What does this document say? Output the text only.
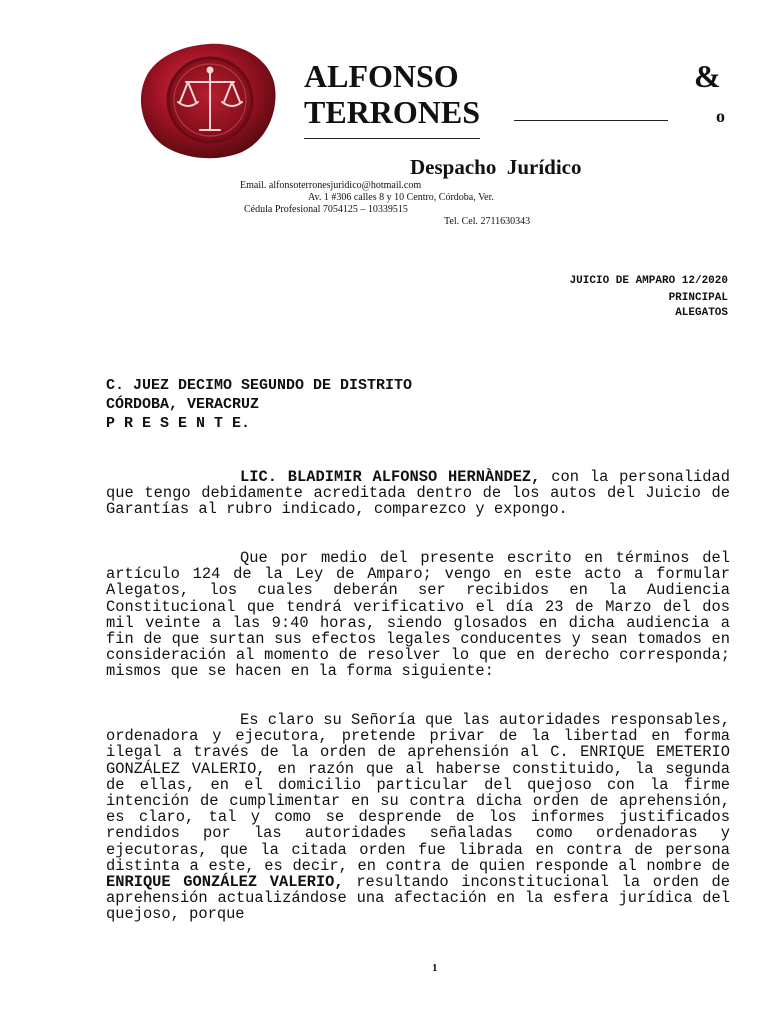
ALFONSO	&
TERRONES	o
Despacho  Jurídico
Email. alfonsoterronesjuridico@hotmail.com
Av. 1 #306 calles 8 y 10 Centro, Córdoba, Ver.
Cédula Profesional 7054125 – 10339515
Tel. Cel. 2711630343
JUICIO DE AMPARO 12/2020
PRINCIPAL
ALEGATOS
C. JUEZ DECIMO SEGUNDO DE DISTRITO
CÓRDOBA, VERACRUZ
P R E S E N T E.
LIC. BLADIMIR ALFONSO HERNÀNDEZ, con la personalidad que tengo debidamente acreditada dentro de los autos del Juicio de Garantías al rubro indicado, comparezco y expongo.
Que por medio del presente escrito en términos del artículo 124 de la Ley de Amparo; vengo en este acto a formular Alegatos, los cuales deberán ser recibidos en la Audiencia Constitucional que tendrá verificativo el día 23 de Marzo del dos mil veinte a las 9:40 horas, siendo glosados en dicha audiencia a fin de que surtan sus efectos legales conducentes y sean tomados en consideración al momento de resolver lo que en derecho corresponda; mismos que se hacen en la forma siguiente:
Es claro su Señoría que las autoridades responsables, ordenadora y ejecutora, pretende privar de la libertad en forma ilegal a través de la orden de aprehensión al C. ENRIQUE EMETERIO GONZÁLEZ VALERIO, en razón que al haberse constituido, la segunda de ellas, en el domicilio particular del quejoso con la firme intención de cumplimentar en su contra dicha orden de aprehensión, es claro, tal y como se desprende de los informes justificados rendidos por las autoridades señaladas como ordenadoras y ejecutoras, que la citada orden fue librada en contra de persona distinta a este, es decir, en contra de quien responde al nombre de ENRIQUE GONZÁLEZ VALERIO, resultando inconstitucional la orden de aprehensión actualizándose una afectación en la esfera jurídica del quejoso, porque
1
